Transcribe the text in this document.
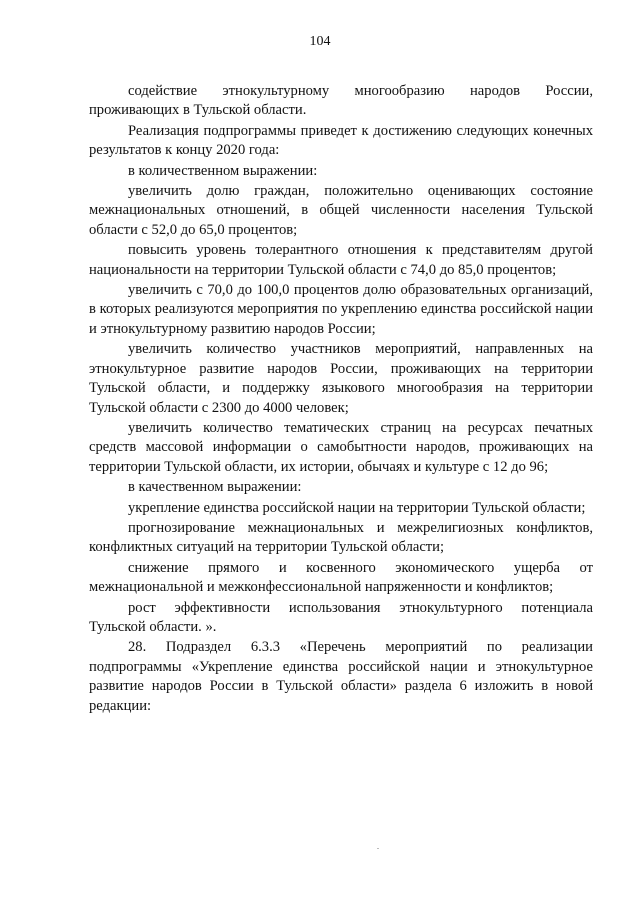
104

содействие этнокультурному многообразию народов России, проживающих в Тульской области.

Реализация подпрограммы приведет к достижению следующих конечных результатов к концу 2020 года:

в количественном выражении:

увеличить долю граждан, положительно оценивающих состояние межнациональных отношений, в общей численности населения Тульской области с 52,0 до 65,0 процентов;

повысить уровень толерантного отношения к представителям другой национальности на территории Тульской области с 74,0 до 85,0 процентов;

увеличить с 70,0 до 100,0 процентов долю образовательных организаций, в которых реализуются мероприятия по укреплению единства российской нации и этнокультурному развитию народов России;

увеличить количество участников мероприятий, направленных на этнокультурное развитие народов России, проживающих на территории Тульской области, и поддержку языкового многообразия на территории Тульской области с 2300 до 4000 человек;

увеличить количество тематических страниц на ресурсах печатных средств массовой информации о самобытности народов, проживающих на территории Тульской области, их истории, обычаях и культуре с 12 до 96;

в качественном выражении:

укрепление единства российской нации на территории Тульской области;

прогнозирование межнациональных и межрелигиозных конфликтов, конфликтных ситуаций на территории Тульской области;

снижение прямого и косвенного экономического ущерба от межнациональной и межконфессиональной напряженности и конфликтов;

рост эффективности использования этнокультурного потенциала Тульской области. ».

28. Подраздел 6.3.3 «Перечень мероприятий по реализации подпрограммы «Укрепление единства российской нации и этнокультурное развитие народов России в Тульской области» раздела 6 изложить в новой редакции:
